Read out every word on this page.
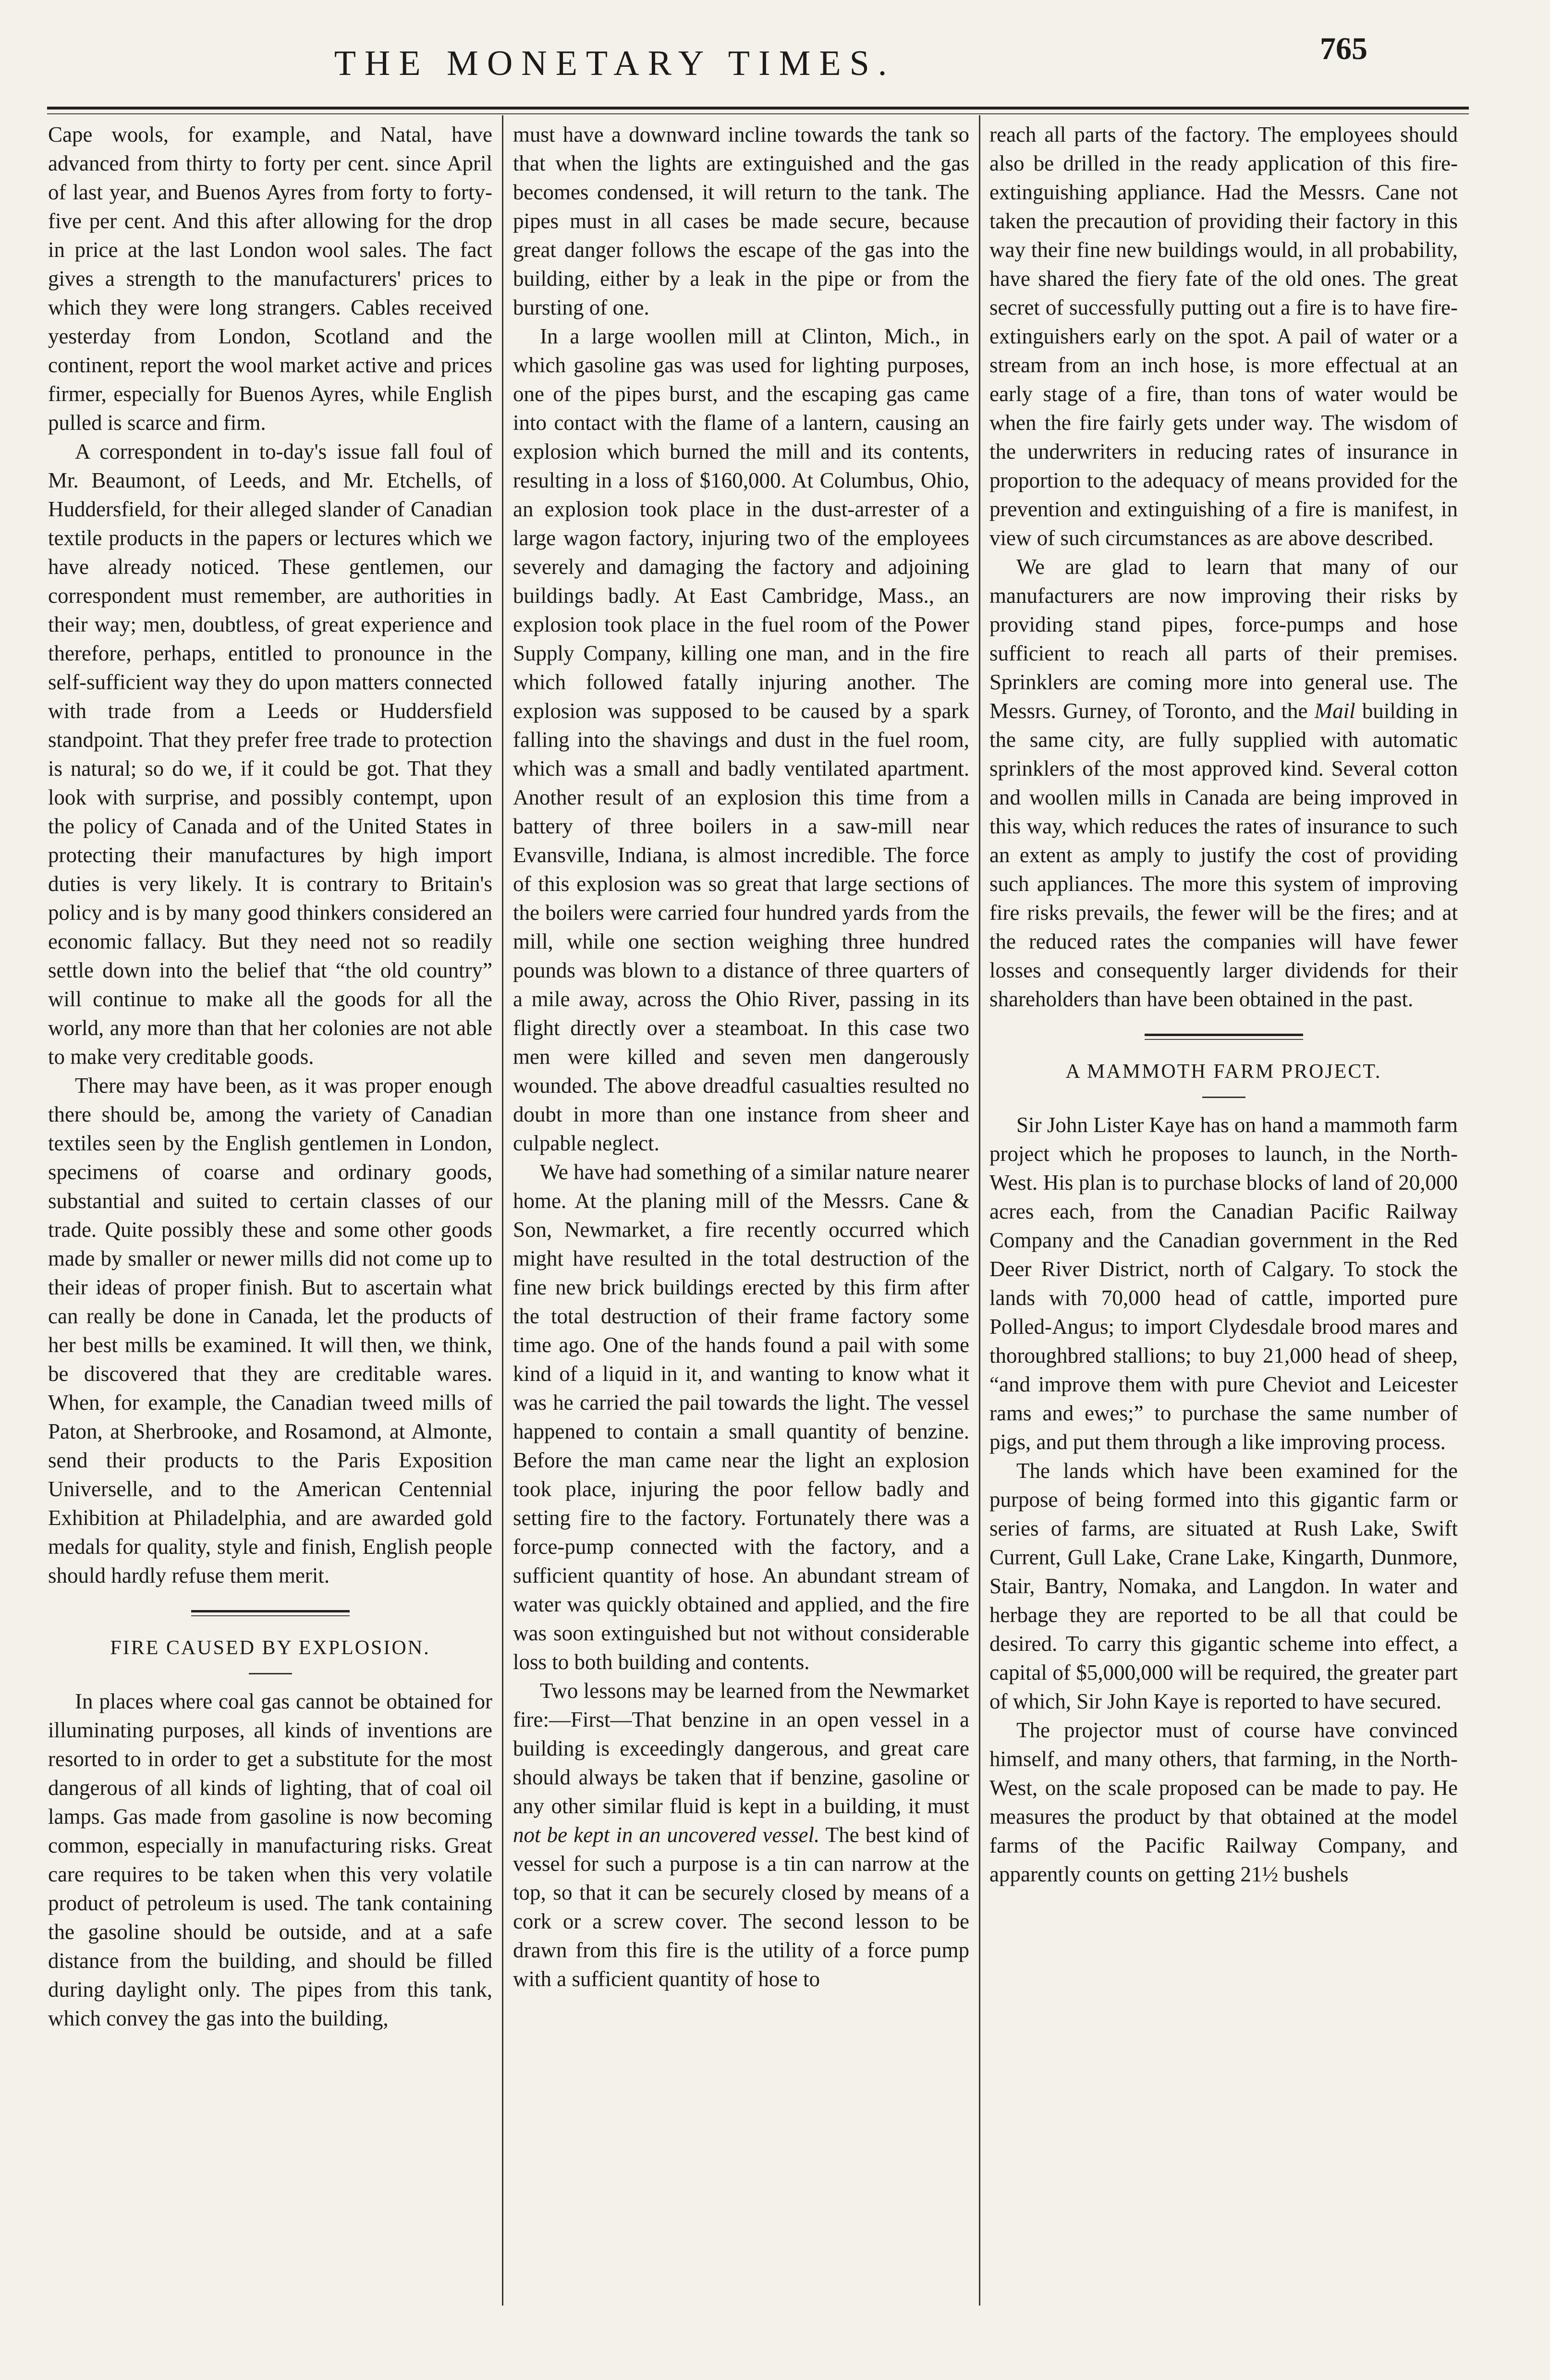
THE MONETARY TIMES.	765

Cape wools, for example, and Natal, have advanced from thirty to forty per cent. since April of last year, and Buenos Ayres from forty to forty-five per cent. And this after allowing for the drop in price at the last London wool sales. The fact gives a strength to the manufacturers' prices to which they were long strangers. Cables received yesterday from London, Scotland and the continent, report the wool market active and prices firmer, especially for Buenos Ayres, while English pulled is scarce and firm.

A correspondent in to-day's issue fall foul of Mr. Beaumont, of Leeds, and Mr. Etchells, of Huddersfield, for their alleged slander of Canadian textile products in the papers or lectures which we have already noticed. These gentlemen, our correspondent must remember, are authorities in their way; men, doubtless, of great experience and therefore, perhaps, entitled to pronounce in the self-sufficient way they do upon matters connected with trade from a Leeds or Huddersfield standpoint. That they prefer free trade to protection is natural; so do we, if it could be got. That they look with surprise, and possibly contempt, upon the policy of Canada and of the United States in protecting their manufactures by high import duties is very likely. It is contrary to Britain's policy and is by many good thinkers considered an economic fallacy. But they need not so readily settle down into the belief that “the old country” will continue to make all the goods for all the world, any more than that her colonies are not able to make very creditable goods.

There may have been, as it was proper enough there should be, among the variety of Canadian textiles seen by the English gentlemen in London, specimens of coarse and ordinary goods, substantial and suited to certain classes of our trade. Quite possibly these and some other goods made by smaller or newer mills did not come up to their ideas of proper finish. But to ascertain what can really be done in Canada, let the products of her best mills be examined. It will then, we think, be discovered that they are creditable wares. When, for example, the Canadian tweed mills of Paton, at Sherbrooke, and Rosamond, at Almonte, send their products to the Paris Exposition Universelle, and to the American Centennial Exhibition at Philadelphia, and are awarded gold medals for quality, style and finish, English people should hardly refuse them merit.

FIRE CAUSED BY EXPLOSION.

In places where coal gas cannot be obtained for illuminating purposes, all kinds of inventions are resorted to in order to get a substitute for the most dangerous of all kinds of lighting, that of coal oil lamps. Gas made from gasoline is now becoming common, especially in manufacturing risks. Great care requires to be taken when this very volatile product of petroleum is used. The tank containing the gasoline should be outside, and at a safe distance from the building, and should be filled during daylight only. The pipes from this tank, which convey the gas into the building,

must have a downward incline towards the tank so that when the lights are extinguished and the gas becomes condensed, it will return to the tank. The pipes must in all cases be made secure, because great danger follows the escape of the gas into the building, either by a leak in the pipe or from the bursting of one.

In a large woollen mill at Clinton, Mich., in which gasoline gas was used for lighting purposes, one of the pipes burst, and the escaping gas came into contact with the flame of a lantern, causing an explosion which burned the mill and its contents, resulting in a loss of $160,000. At Columbus, Ohio, an explosion took place in the dust-arrester of a large wagon factory, injuring two of the employees severely and damaging the factory and adjoining buildings badly. At East Cambridge, Mass., an explosion took place in the fuel room of the Power Supply Company, killing one man, and in the fire which followed fatally injuring another. The explosion was supposed to be caused by a spark falling into the shavings and dust in the fuel room, which was a small and badly ventilated apartment. Another result of an explosion this time from a battery of three boilers in a saw-mill near Evansville, Indiana, is almost incredible. The force of this explosion was so great that large sections of the boilers were carried four hundred yards from the mill, while one section weighing three hundred pounds was blown to a distance of three quarters of a mile away, across the Ohio River, passing in its flight directly over a steamboat. In this case two men were killed and seven men dangerously wounded. The above dreadful casualties resulted no doubt in more than one instance from sheer and culpable neglect.

We have had something of a similar nature nearer home. At the planing mill of the Messrs. Cane & Son, Newmarket, a fire recently occurred which might have resulted in the total destruction of the fine new brick buildings erected by this firm after the total destruction of their frame factory some time ago. One of the hands found a pail with some kind of a liquid in it, and wanting to know what it was he carried the pail towards the light. The vessel happened to contain a small quantity of benzine. Before the man came near the light an explosion took place, injuring the poor fellow badly and setting fire to the factory. Fortunately there was a force-pump connected with the factory, and a sufficient quantity of hose. An abundant stream of water was quickly obtained and applied, and the fire was soon extinguished but not without considerable loss to both building and contents.

Two lessons may be learned from the Newmarket fire:—First—That benzine in an open vessel in a building is exceedingly dangerous, and great care should always be taken that if benzine, gasoline or any other similar fluid is kept in a building, it must not be kept in an uncovered vessel. The best kind of vessel for such a purpose is a tin can narrow at the top, so that it can be securely closed by means of a cork or a screw cover. The second lesson to be drawn from this fire is the utility of a force pump with a sufficient quantity of hose to

reach all parts of the factory. The employees should also be drilled in the ready application of this fire-extinguishing appliance. Had the Messrs. Cane not taken the precaution of providing their factory in this way their fine new buildings would, in all probability, have shared the fiery fate of the old ones. The great secret of successfully putting out a fire is to have fire-extinguishers early on the spot. A pail of water or a stream from an inch hose, is more effectual at an early stage of a fire, than tons of water would be when the fire fairly gets under way. The wisdom of the underwriters in reducing rates of insurance in proportion to the adequacy of means provided for the prevention and extinguishing of a fire is manifest, in view of such circumstances as are above described.

We are glad to learn that many of our manufacturers are now improving their risks by providing stand pipes, force-pumps and hose sufficient to reach all parts of their premises. Sprinklers are coming more into general use. The Messrs. Gurney, of Toronto, and the Mail building in the same city, are fully supplied with automatic sprinklers of the most approved kind. Several cotton and woollen mills in Canada are being improved in this way, which reduces the rates of insurance to such an extent as amply to justify the cost of providing such appliances. The more this system of improving fire risks prevails, the fewer will be the fires; and at the reduced rates the companies will have fewer losses and consequently larger dividends for their shareholders than have been obtained in the past.

A MAMMOTH FARM PROJECT.

Sir John Lister Kaye has on hand a mammoth farm project which he proposes to launch, in the North-West. His plan is to purchase blocks of land of 20,000 acres each, from the Canadian Pacific Railway Company and the Canadian government in the Red Deer River District, north of Calgary. To stock the lands with 70,000 head of cattle, imported pure Polled-Angus; to import Clydesdale brood mares and thoroughbred stallions; to buy 21,000 head of sheep, “and improve them with pure Cheviot and Leicester rams and ewes;” to purchase the same number of pigs, and put them through a like improving process.

The lands which have been examined for the purpose of being formed into this gigantic farm or series of farms, are situated at Rush Lake, Swift Current, Gull Lake, Crane Lake, Kingarth, Dunmore, Stair, Bantry, Nomaka, and Langdon. In water and herbage they are reported to be all that could be desired. To carry this gigantic scheme into effect, a capital of $5,000,000 will be required, the greater part of which, Sir John Kaye is reported to have secured.

The projector must of course have convinced himself, and many others, that farming, in the North-West, on the scale proposed can be made to pay. He measures the product by that obtained at the model farms of the Pacific Railway Company, and apparently counts on getting 21½ bushels
